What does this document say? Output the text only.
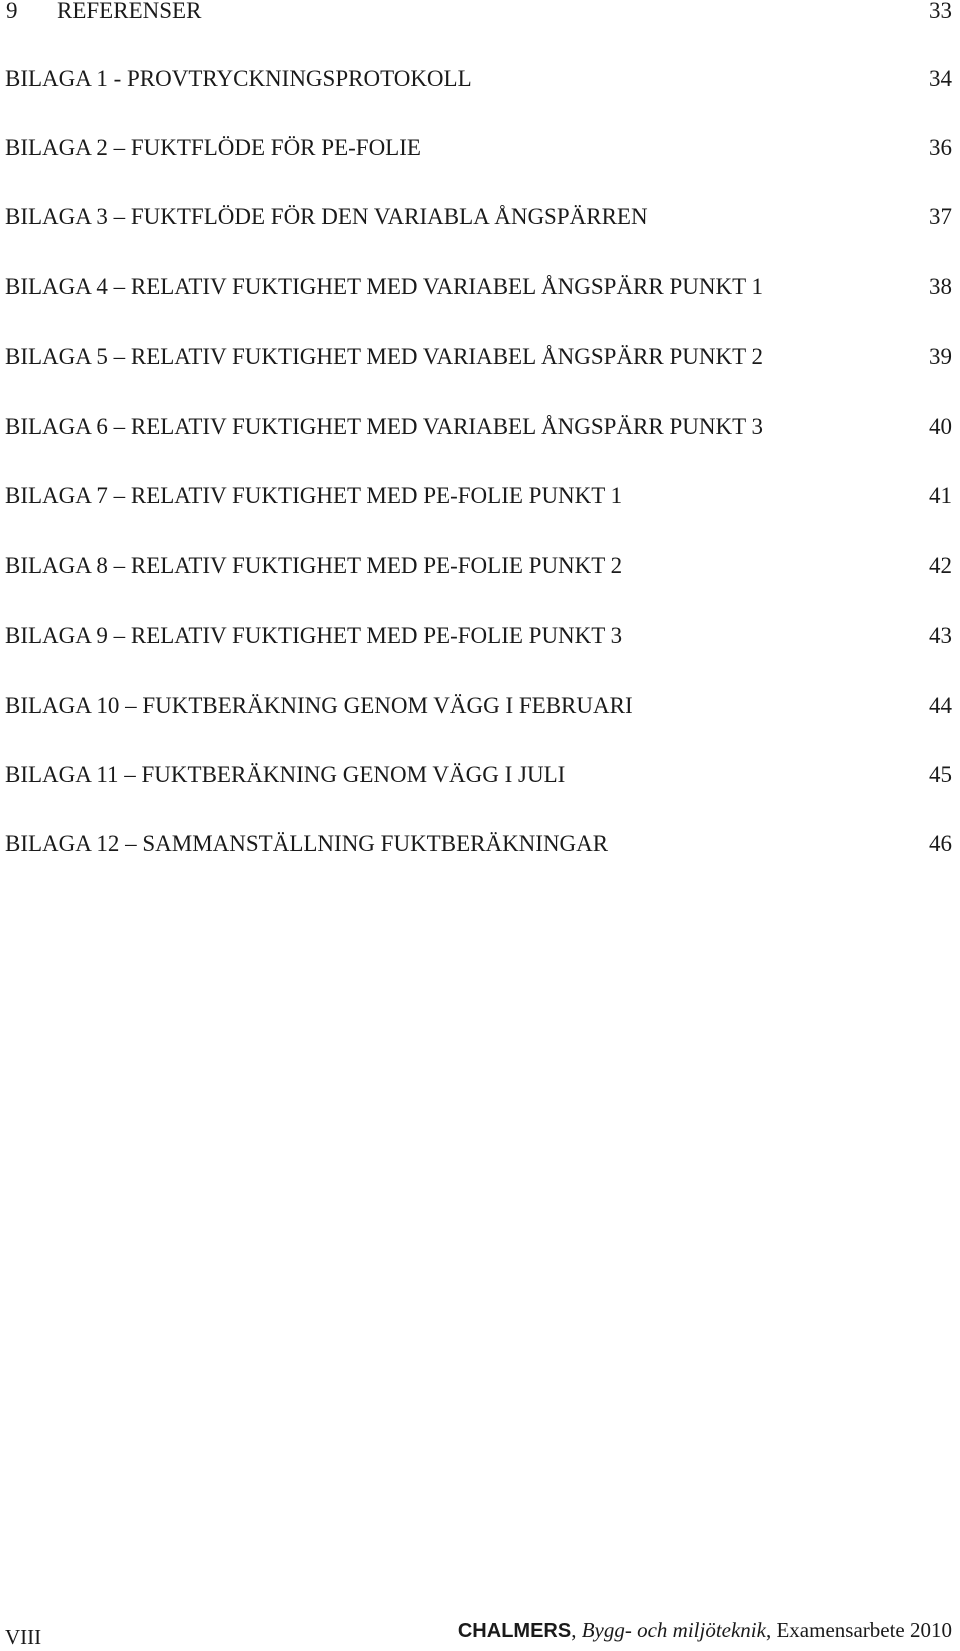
9 REFERENSER	33
BILAGA 1 - PROVTRYCKNINGSPROTOKOLL	34
BILAGA 2 – FUKTFLÖDE FÖR PE-FOLIE	36
BILAGA 3 – FUKTFLÖDE FÖR DEN VARIABLA ÅNGSPÄRREN	37
BILAGA 4 – RELATIV FUKTIGHET MED VARIABEL ÅNGSPÄRR PUNKT 1	38
BILAGA 5 – RELATIV FUKTIGHET MED VARIABEL ÅNGSPÄRR PUNKT 2	39
BILAGA 6 – RELATIV FUKTIGHET MED VARIABEL ÅNGSPÄRR PUNKT 3	40
BILAGA 7 – RELATIV FUKTIGHET MED PE-FOLIE PUNKT 1	41
BILAGA 8 – RELATIV FUKTIGHET MED PE-FOLIE PUNKT 2	42
BILAGA 9 – RELATIV FUKTIGHET MED PE-FOLIE PUNKT 3	43
BILAGA 10 – FUKTBERÄKNING GENOM VÄGG I FEBRUARI	44
BILAGA 11 – FUKTBERÄKNING GENOM VÄGG I JULI	45
BILAGA 12 – SAMMANSTÄLLNING FUKTBERÄKNINGAR	46
VIII	CHALMERS, Bygg- och miljöteknik, Examensarbete 2010
